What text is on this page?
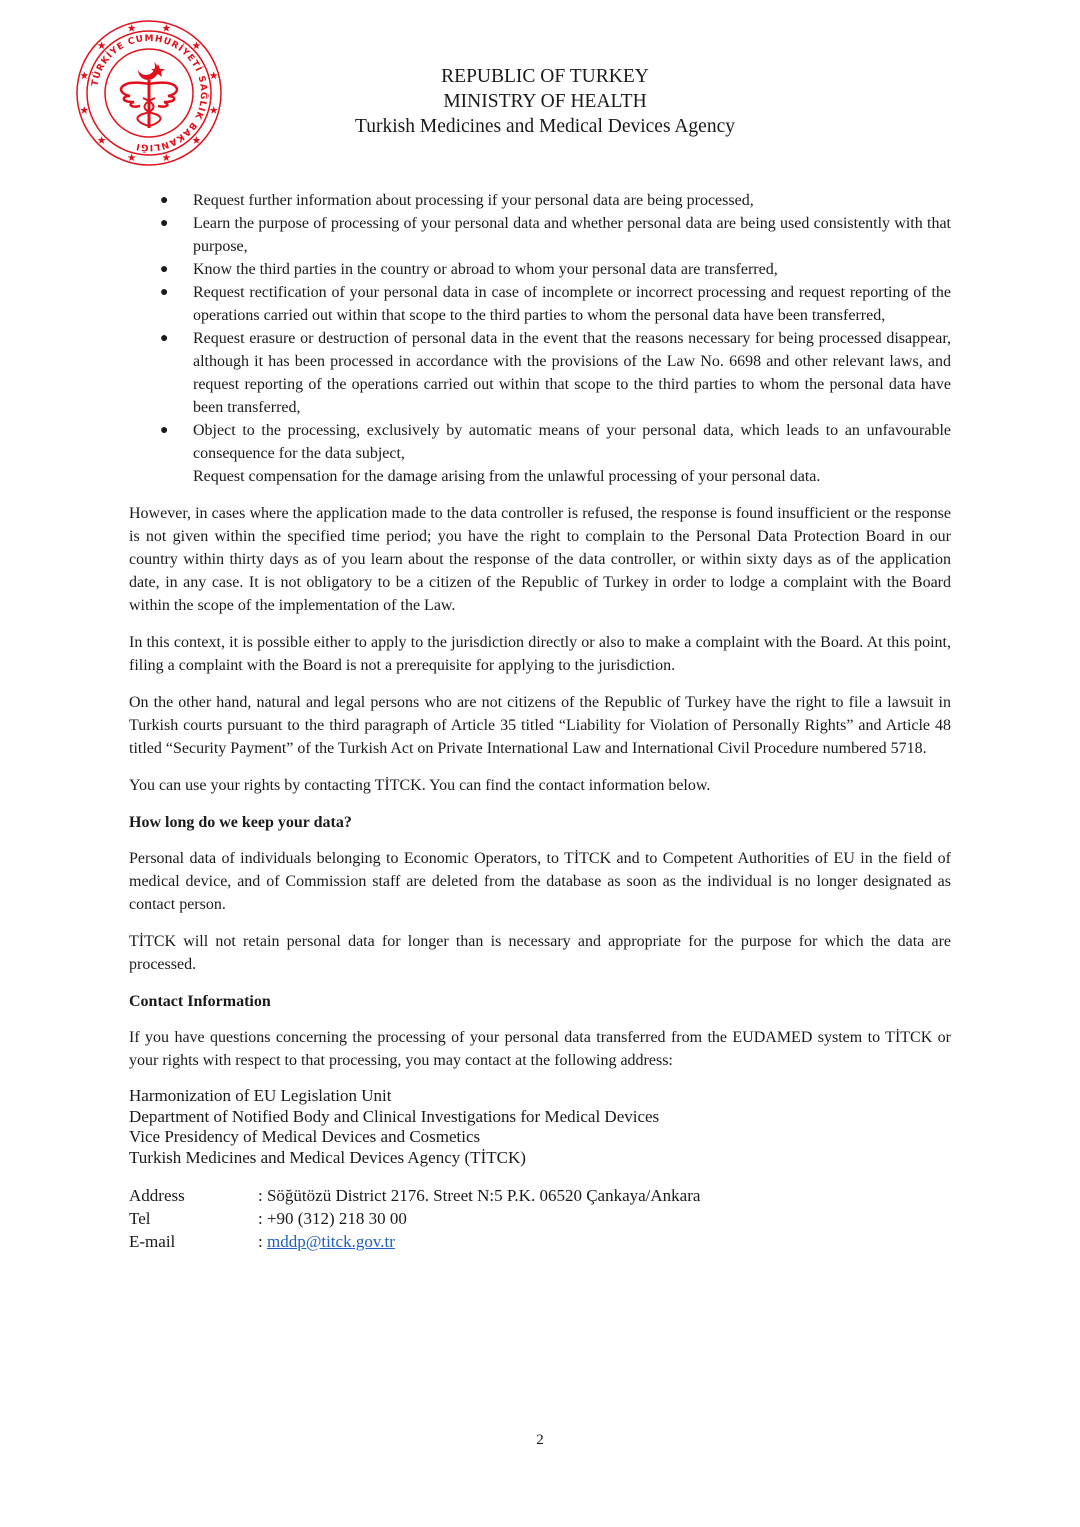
TÜRKİYE CUMHURİYETİ SAĞLIK BAKANLIĞI
REPUBLIC OF TURKEY
MINISTRY OF HEALTH
Turkish Medicines and Medical Devices Agency
● Request further information about processing if your personal data are being processed,
● Learn the purpose of processing of your personal data and whether personal data are being used consistently with that purpose,
● Know the third parties in the country or abroad to whom your personal data are transferred,
● Request rectification of your personal data in case of incomplete or incorrect processing and request reporting of the operations carried out within that scope to the third parties to whom the personal data have been transferred,
● Request erasure or destruction of personal data in the event that the reasons necessary for being processed disappear, although it has been processed in accordance with the provisions of the Law No. 6698 and other relevant laws, and request reporting of the operations carried out within that scope to the third parties to whom the personal data have been transferred,
● Object to the processing, exclusively by automatic means of your personal data, which leads to an unfavourable consequence for the data subject,
Request compensation for the damage arising from the unlawful processing of your personal data.

However, in cases where the application made to the data controller is refused, the response is found insufficient or the response is not given within the specified time period; you have the right to complain to the Personal Data Protection Board in our country within thirty days as of you learn about the response of the data controller, or within sixty days as of the application date, in any case. It is not obligatory to be a citizen of the Republic of Turkey in order to lodge a complaint with the Board within the scope of the implementation of the Law.

In this context, it is possible either to apply to the jurisdiction directly or also to make a complaint with the Board. At this point, filing a complaint with the Board is not a prerequisite for applying to the jurisdiction.

On the other hand, natural and legal persons who are not citizens of the Republic of Turkey have the right to file a lawsuit in Turkish courts pursuant to the third paragraph of Article 35 titled “Liability for Violation of Personally Rights” and Article 48 titled “Security Payment” of the Turkish Act on Private International Law and International Civil Procedure numbered 5718.

You can use your rights by contacting TİTCK. You can find the contact information below.

How long do we keep your data?

Personal data of individuals belonging to Economic Operators, to TİTCK and to Competent Authorities of EU in the field of medical device, and of Commission staff are deleted from the database as soon as the individual is no longer designated as contact person.

TİTCK will not retain personal data for longer than is necessary and appropriate for the purpose for which the data are processed.

Contact Information

If you have questions concerning the processing of your personal data transferred from the EUDAMED system to TİTCK or your rights with respect to that processing, you may contact at the following address:

Harmonization of EU Legislation Unit
Department of Notified Body and Clinical Investigations for Medical Devices
Vice Presidency of Medical Devices and Cosmetics
Turkish Medicines and Medical Devices Agency (TİTCK)
Address	: Söğütözü District 2176. Street N:5 P.K. 06520 Çankaya/Ankara
Tel	: +90 (312) 218 30 00
E-mail	: mddp@titck.gov.tr
2
